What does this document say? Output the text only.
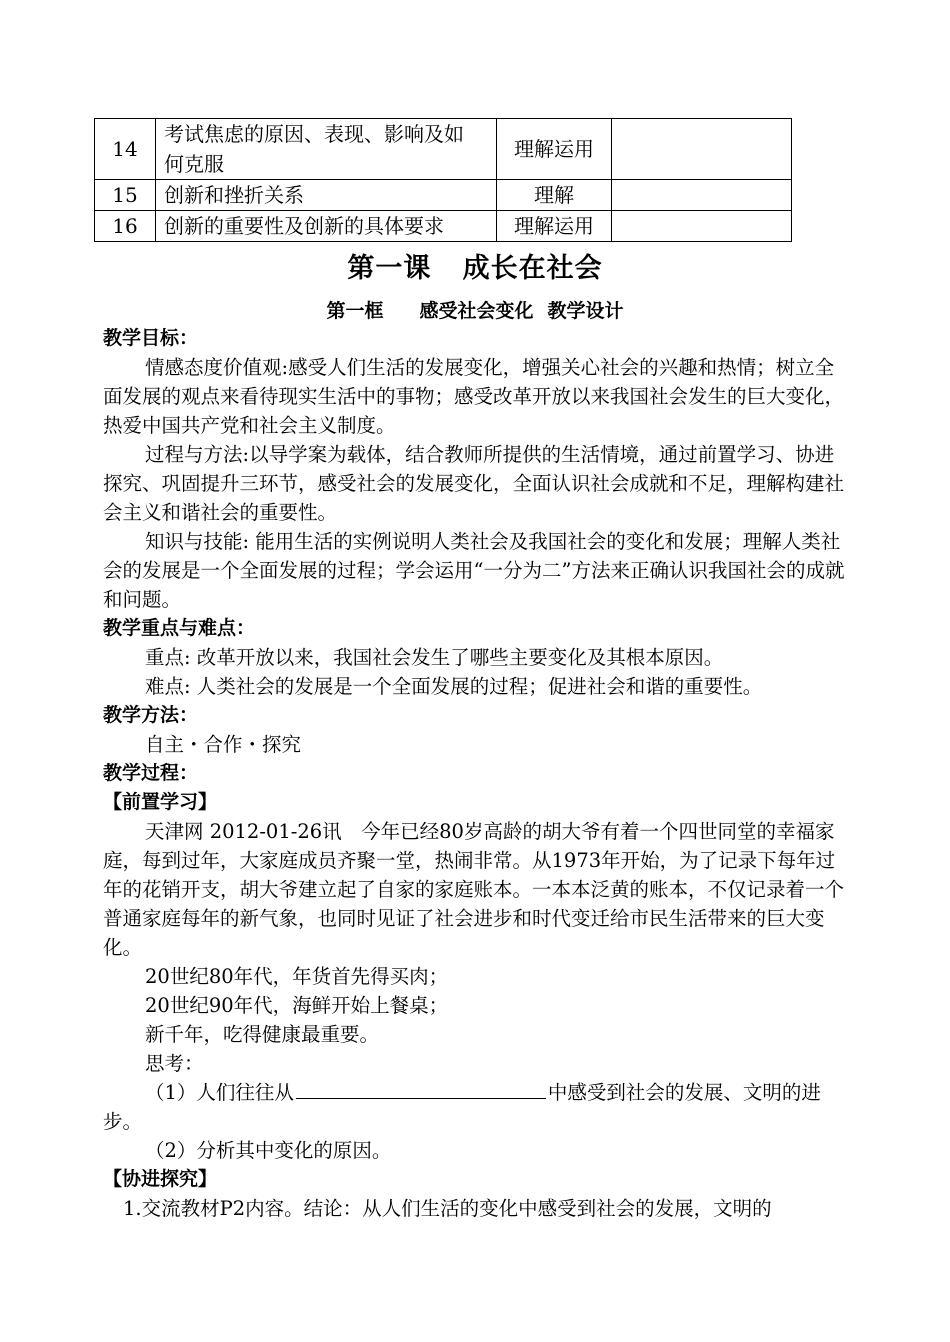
14	考试焦虑的原因、表现、影响及如
何克服	理解运用	
15	创新和挫折关系	理解	
16	创新的重要性及创新的具体要求	理解运用	
第一课 成长在社会
第一框 感受社会变化 教学设计

教学目标：

情感态度价值观:感受人们生活的发展变化，增强关心社会的兴趣和热情；树立全面发展的观点来看待现实生活中的事物；感受改革开放以来我国社会发生的巨大变化，热爱中国共产党和社会主义制度。

过程与方法:以导学案为载体，结合教师所提供的生活情境，通过前置学习、协进探究、巩固提升三环节，感受社会的发展变化，全面认识社会成就和不足，理解构建社会主义和谐社会的重要性。

知识与技能: 能用生活的实例说明人类社会及我国社会的变化和发展；理解人类社会的发展是一个全面发展的过程；学会运用“一分为二”方法来正确认识我国社会的成就和问题。

教学重点与难点：

重点: 改革开放以来，我国社会发生了哪些主要变化及其根本原因。

难点: 人类社会的发展是一个全面发展的过程；促进社会和谐的重要性。

教学方法：

自主・合作・探究

教学过程：

【前置学习】

天津网 2012-01-26讯　今年已经80岁高龄的胡大爷有着一个四世同堂的幸福家庭，每到过年，大家庭成员齐聚一堂，热闹非常。从1973年开始，为了记录下每年过年的花销开支，胡大爷建立起了自家的家庭账本。一本本泛黄的账本，不仅记录着一个普通家庭每年的新气象，也同时见证了社会进步和时代变迁给市民生活带来的巨大变化。

20世纪80年代，年货首先得买肉；

20世纪90年代，海鲜开始上餐桌；

新千年，吃得健康最重要。

思考：

（1）人们往往从	中感受到社会的发展、文明的进步。

（2）分析其中变化的原因。

【协进探究】

1.交流教材P2内容。结论：从人们生活的变化中感受到社会的发展，文明的
